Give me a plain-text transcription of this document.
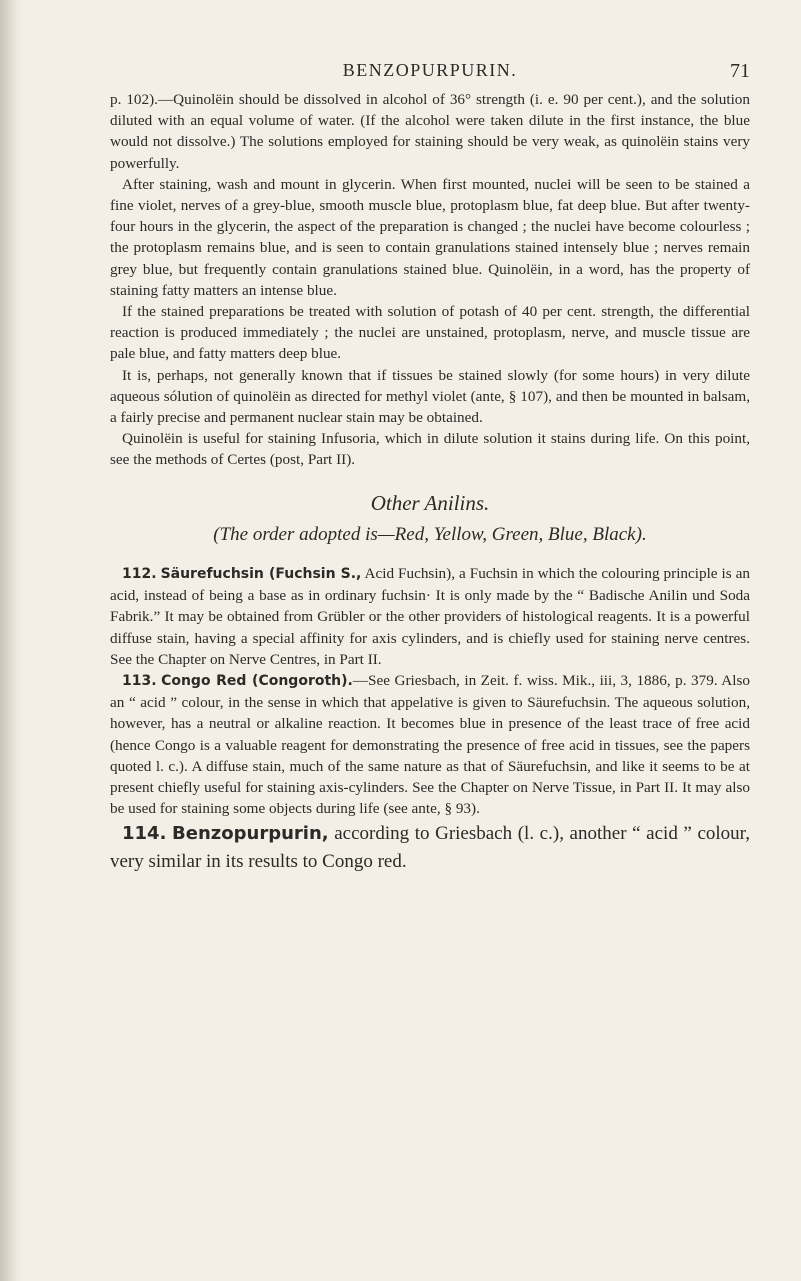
BENZOPURPURIN.	71

p. 102).—Quinolëin should be dissolved in alcohol of 36° strength (i. e. 90 per cent.), and the solution diluted with an equal volume of water. (If the alcohol were taken dilute in the first instance, the blue would not dissolve.) The solutions employed for staining should be very weak, as quinolëin stains very powerfully.

After staining, wash and mount in glycerin. When first mounted, nuclei will be seen to be stained a fine violet, nerves of a grey-blue, smooth muscle blue, protoplasm blue, fat deep blue. But after twenty-four hours in the glycerin, the aspect of the preparation is changed ; the nuclei have become colourless ; the protoplasm remains blue, and is seen to contain granulations stained intensely blue ; nerves remain grey blue, but frequently contain granulations stained blue. Quinolëin, in a word, has the property of staining fatty matters an intense blue.

If the stained preparations be treated with solution of potash of 40 per cent. strength, the differential reaction is produced immediately ; the nuclei are unstained, protoplasm, nerve, and muscle tissue are pale blue, and fatty matters deep blue.

It is, perhaps, not generally known that if tissues be stained slowly (for some hours) in very dilute aqueous sólution of quinolëin as directed for methyl violet (ante, § 107), and then be mounted in balsam, a fairly precise and permanent nuclear stain may be obtained.

Quinolëin is useful for staining Infusoria, which in dilute solution it stains during life. On this point, see the methods of Certes (post, Part II).

Other Anilins.
(The order adopted is—Red, Yellow, Green, Blue, Black).

112. Säurefuchsin (Fuchsin S., Acid Fuchsin), a Fuchsin in which the colouring principle is an acid, instead of being a base as in ordinary fuchsin· It is only made by the “ Badische Anilin und Soda Fabrik.” It may be obtained from Grübler or the other providers of histological reagents. It is a powerful diffuse stain, having a special affinity for axis cylinders, and is chiefly used for staining nerve centres. See the Chapter on Nerve Centres, in Part II.

113. Congo Red (Congoroth).—See Griesbach, in Zeit. f. wiss. Mik., iii, 3, 1886, p. 379. Also an “ acid ” colour, in the sense in which that appelative is given to Säurefuchsin. The aqueous solution, however, has a neutral or alkaline reaction. It becomes blue in presence of the least trace of free acid (hence Congo is a valuable reagent for demonstrating the presence of free acid in tissues, see the papers quoted l. c.). A diffuse stain, much of the same nature as that of Säurefuchsin, and like it seems to be at present chiefly useful for staining axis-cylinders. See the Chapter on Nerve Tissue, in Part II. It may also be used for staining some objects during life (see ante, § 93).

114. Benzopurpurin, according to Griesbach (l. c.), another “ acid ” colour, very similar in its results to Congo red.
